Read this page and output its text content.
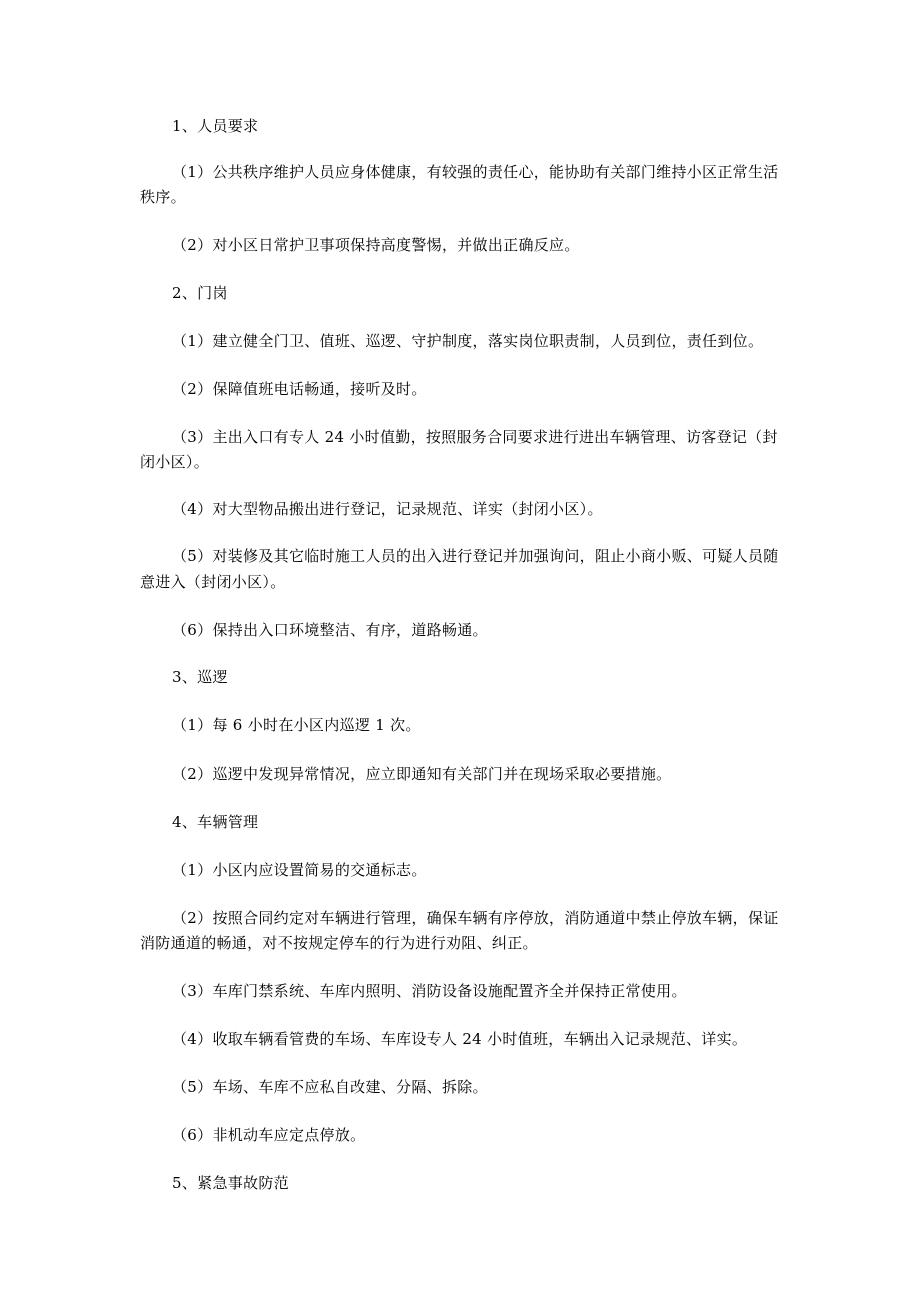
1、人员要求
（1）公共秩序维护人员应身体健康，有较强的责任心，能协助有关部门维持小区正常生活
秩序。
（2）对小区日常护卫事项保持高度警惕，并做出正确反应。
2、门岗
（1）建立健全门卫、值班、巡逻、守护制度，落实岗位职责制，人员到位，责任到位。
（2）保障值班电话畅通，接听及时。
（3）主出入口有专人 24 小时值勤，按照服务合同要求进行进出车辆管理、访客登记（封
闭小区）。
（4）对大型物品搬出进行登记，记录规范、详实（封闭小区）。
（5）对装修及其它临时施工人员的出入进行登记并加强询问，阻止小商小贩、可疑人员随
意进入（封闭小区）。
（6）保持出入口环境整洁、有序，道路畅通。
3、巡逻
（1）每 6 小时在小区内巡逻 1 次。
（2）巡逻中发现异常情况，应立即通知有关部门并在现场采取必要措施。
4、车辆管理
（1）小区内应设置简易的交通标志。
（2）按照合同约定对车辆进行管理，确保车辆有序停放，消防通道中禁止停放车辆，保证
消防通道的畅通，对不按规定停车的行为进行劝阻、纠正。
（3）车库门禁系统、车库内照明、消防设备设施配置齐全并保持正常使用。
（4）收取车辆看管费的车场、车库设专人 24 小时值班，车辆出入记录规范、详实。
（5）车场、车库不应私自改建、分隔、拆除。
（6）非机动车应定点停放。
5、紧急事故防范
